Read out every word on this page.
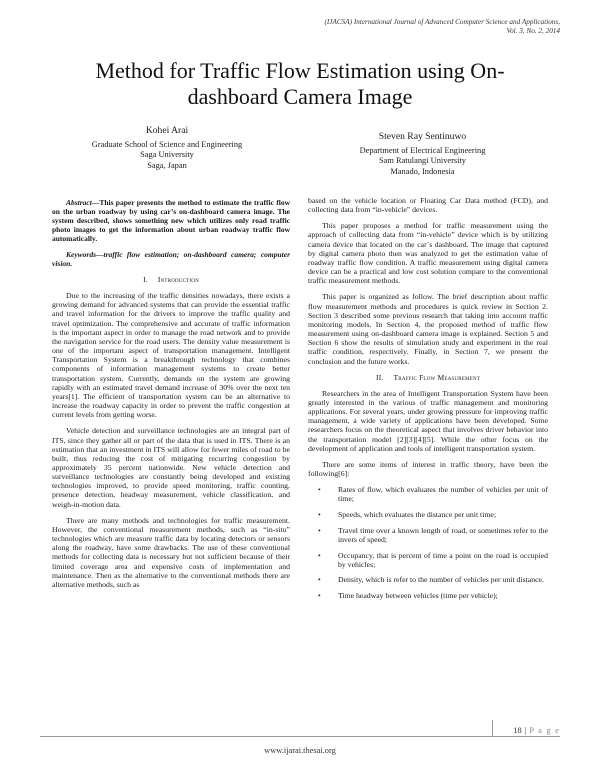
(IJACSA) International Journal of Advanced Computer Science and Applications,
Vol. 3, No. 2, 2014
Method for Traffic Flow Estimation using On-dashboard Camera Image
Kohei Arai
Graduate School of Science and Engineering
Saga University
Saga, Japan
Steven Ray Sentinuwo
Department of Electrical Engineering
Sam Ratulangi University
Manado, Indonesia

Abstract—This paper presents the method to estimate the traffic flow on the urban roadway by using car’s on-dashboard camera image. The system described, shows something new which utilizes only road traffic photo images to get the information about urban roadway traffic flow automatically.

Keywords—traffic flow estimation; on-dashboard camera; computer vision.

I. Introduction

Due to the increasing of the traffic densities nowadays, there exists a growing demand for advanced systems that can provide the essential traffic and travel information for the drivers to improve the traffic quality and travel optimization. The comprehensive and accurate of traffic information is the important aspect in order to manage the road network and to provide the navigation service for the road users. The density value measurement is one of the important aspect of transportation management. Intelligent Transportation System is a breakthrough technology that combines components of information management systems to create better transportation system. Currently, demands on the system are growing rapidly with an estimated travel demand increase of 30% over the next ten years[1]. The efficient of transportation system can be an alternative to increase the roadway capacity in order to prevent the traffic congestion at current levels from getting worse.

Vehicle detection and surveillance technologies are an integral part of ITS, since they gather all or part of the data that is used in ITS. There is an estimation that an investment in ITS will allow for fewer miles of road to be built, thus reducing the cost of mitigating recurring congestion by approximately 35 percent nationwide. New vehicle detection and surveillance technologies are constantly being developed and existing technologies improved, to provide speed monitoring, traffic counting, presence detection, headway measurement, vehicle classification, and weigh-in-motion data.

There are many methods and technologies for traffic measurement. However, the conventional measurement methods, such as “in-situ” technologies which are measure traffic data by locating detectors or sensors along the roadway, have some drawbacks. The use of these conventional methods for collecting data is necessary but not sufficient because of their limited coverage area and expensive costs of implementation and maintenance. Then as the alternative to the conventional methods there are alternative methods, such as

based on the vehicle location or Floating Car Data method (FCD), and collecting data from “in-vehicle” devices.

This paper proposes a method for traffic measurement using the approach of collecting data from “in-vehicle” device which is by utilizing camera device that located on the car`s dashboard. The image that captured by digital camera photo then was analyzed to get the estimation value of roadway traffic flow condition. A traffic measurement using digital camera device can be a practical and low cost solution compare to the conventional traffic measurement methods.

This paper is organized as follow. The brief description about traffic flow measurement methods and procedures is quick review in Section 2. Section 3 described some previous research that taking into account traffic monitoring models. In Section 4, the proposed method of traffic flow measurement using on-dashboard camera image is explained. Section 5 and Section 6 show the results of simulation study and experiment in the real traffic condition, respectively. Finally, in Section 7, we present the conclusion and the future works.

II. Traffic Flow Measurement

Researchers in the area of Intelligent Transportation System have been greatly interested in the various of traffic management and monitoring applications. For several years, under growing pressure for improving traffic management, a wide variety of applications have been developed. Some researchers focus on the theoretical aspect that involves driver behavior into the transportation model [2][3][4][5]. While the other focus on the development of application and tools of intelligent transportation system.

There are some items of interest in traffic theory, have been the following[6]:

• Rates of flow, which evaluates the number of vehicles per unit of time;
• Speeds, which evaluates the distance per unit time;
• Travel time over a known length of road, or sometimes refer to the invers of speed;
• Occupancy, that is percent of time a point on the road is occupied by vehicles;
• Density, which is refer to the number of vehicles per unit distance.
• Time headway between vehicles (time per vehicle);
18 | P a g e
www.ijarai.thesai.org
